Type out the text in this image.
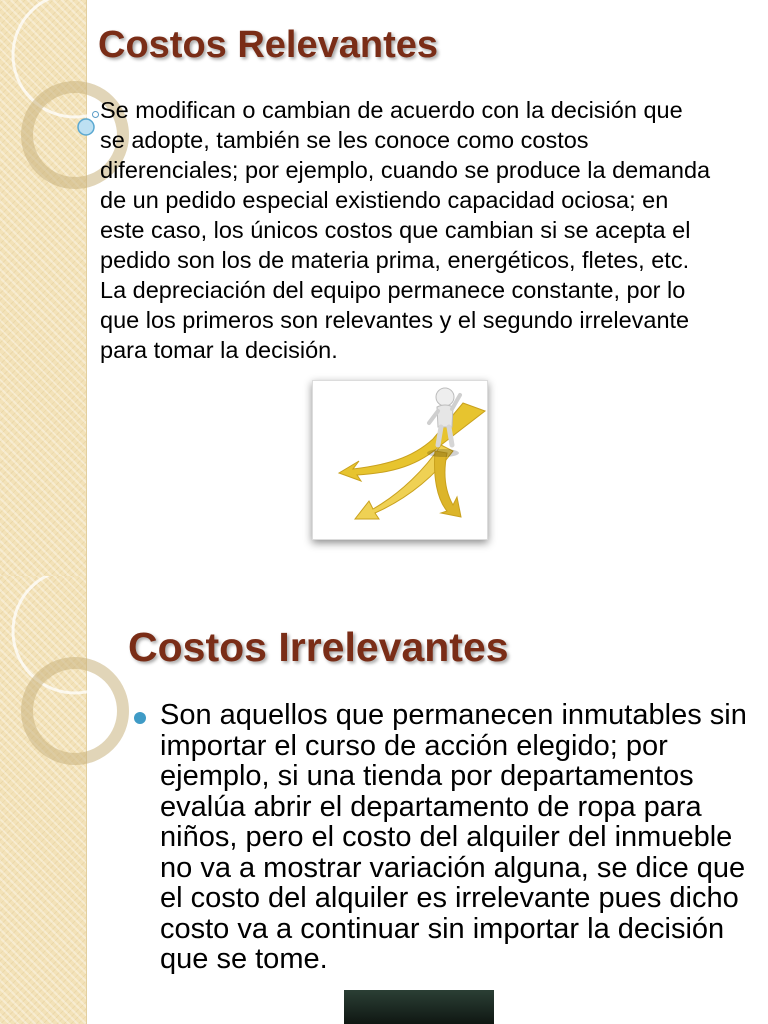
Costos Relevantes

Se modifican o cambian de acuerdo con la decisión que se adopte, también se les conoce como costos diferenciales; por ejemplo, cuando se produce la demanda de un pedido especial existiendo capacidad ociosa; en este caso, los únicos costos que cambian si se acepta el pedido son los de materia prima, energéticos, fletes, etc. La depreciación del equipo permanece constante, por lo que los primeros son relevantes y el segundo irrelevante para tomar la decisión.

Costos Irrelevantes

Son aquellos que permanecen inmutables sin importar el curso de acción elegido; por ejemplo, si una tienda por departamentos evalúa abrir el departamento de ropa para niños, pero el costo del alquiler del inmueble no va a mostrar variación alguna, se dice que el costo del alquiler es irrelevante pues dicho costo va a continuar sin importar la decisión que se tome.
